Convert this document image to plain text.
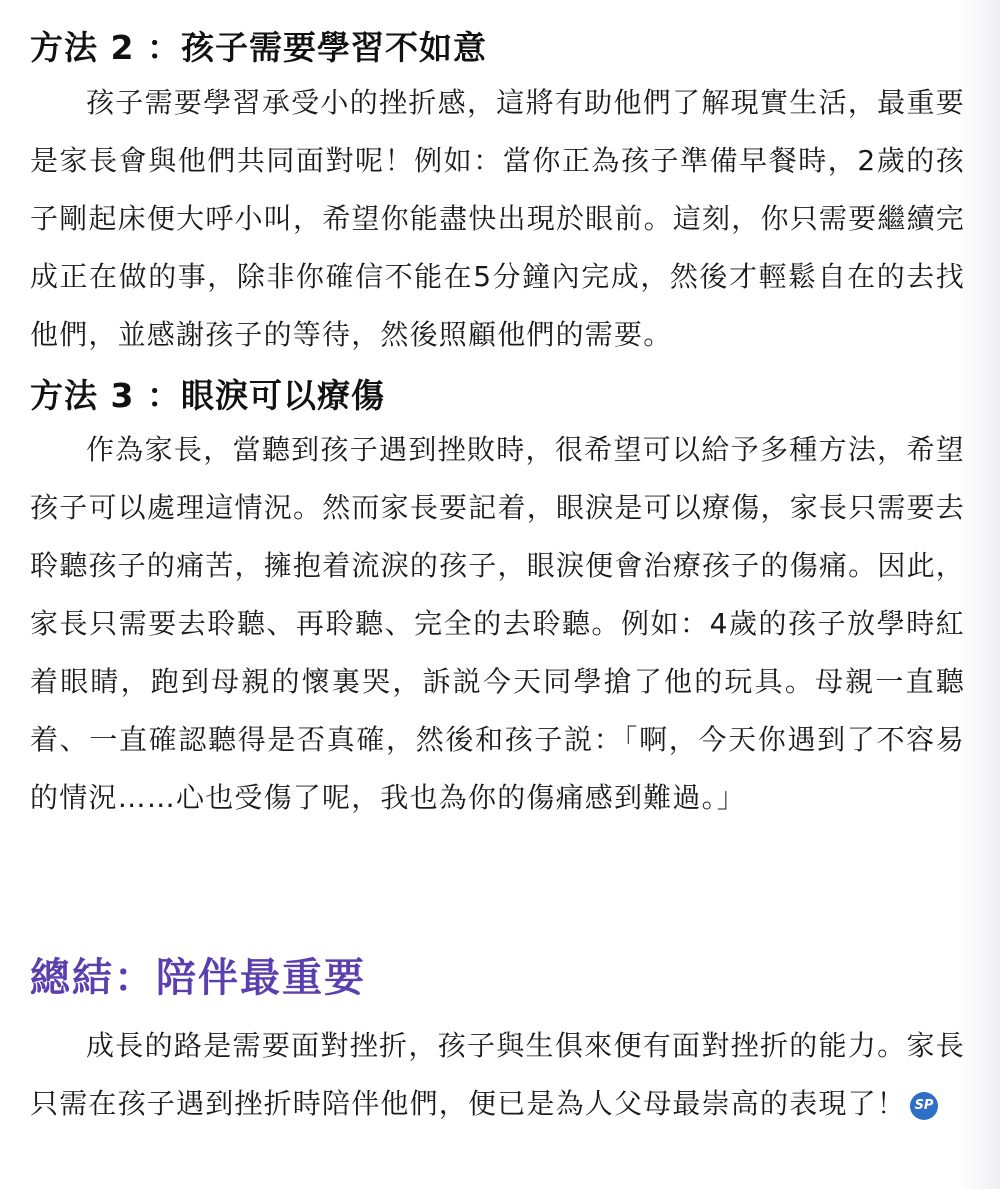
方法 2 ：孩子需要學習不如意

孩子需要學習承受小的挫折感，這將有助他們了解現實生活，最重要是家長會與他們共同面對呢！例如：當你正為孩子準備早餐時，2歲的孩子剛起床便大呼小叫，希望你能盡快出現於眼前。這刻，你只需要繼續完成正在做的事，除非你確信不能在5分鐘內完成，然後才輕鬆自在的去找他們，並感謝孩子的等待，然後照顧他們的需要。

方法 3 ：眼淚可以療傷

作為家長，當聽到孩子遇到挫敗時，很希望可以給予多種方法，希望孩子可以處理這情況。然而家長要記着，眼淚是可以療傷，家長只需要去聆聽孩子的痛苦，擁抱着流淚的孩子，眼淚便會治療孩子的傷痛。因此，家長只需要去聆聽、再聆聽、完全的去聆聽。例如：4歲的孩子放學時紅着眼睛，跑到母親的懷裏哭，訴説今天同學搶了他的玩具。母親一直聽着、一直確認聽得是否真確，然後和孩子説：「啊，今天你遇到了不容易的情況……心也受傷了呢，我也為你的傷痛感到難過。」

總結：陪伴最重要

成長的路是需要面對挫折，孩子與生俱來便有面對挫折的能力。家長只需在孩子遇到挫折時陪伴他們，便已是為人父母最崇高的表現了！ SP
